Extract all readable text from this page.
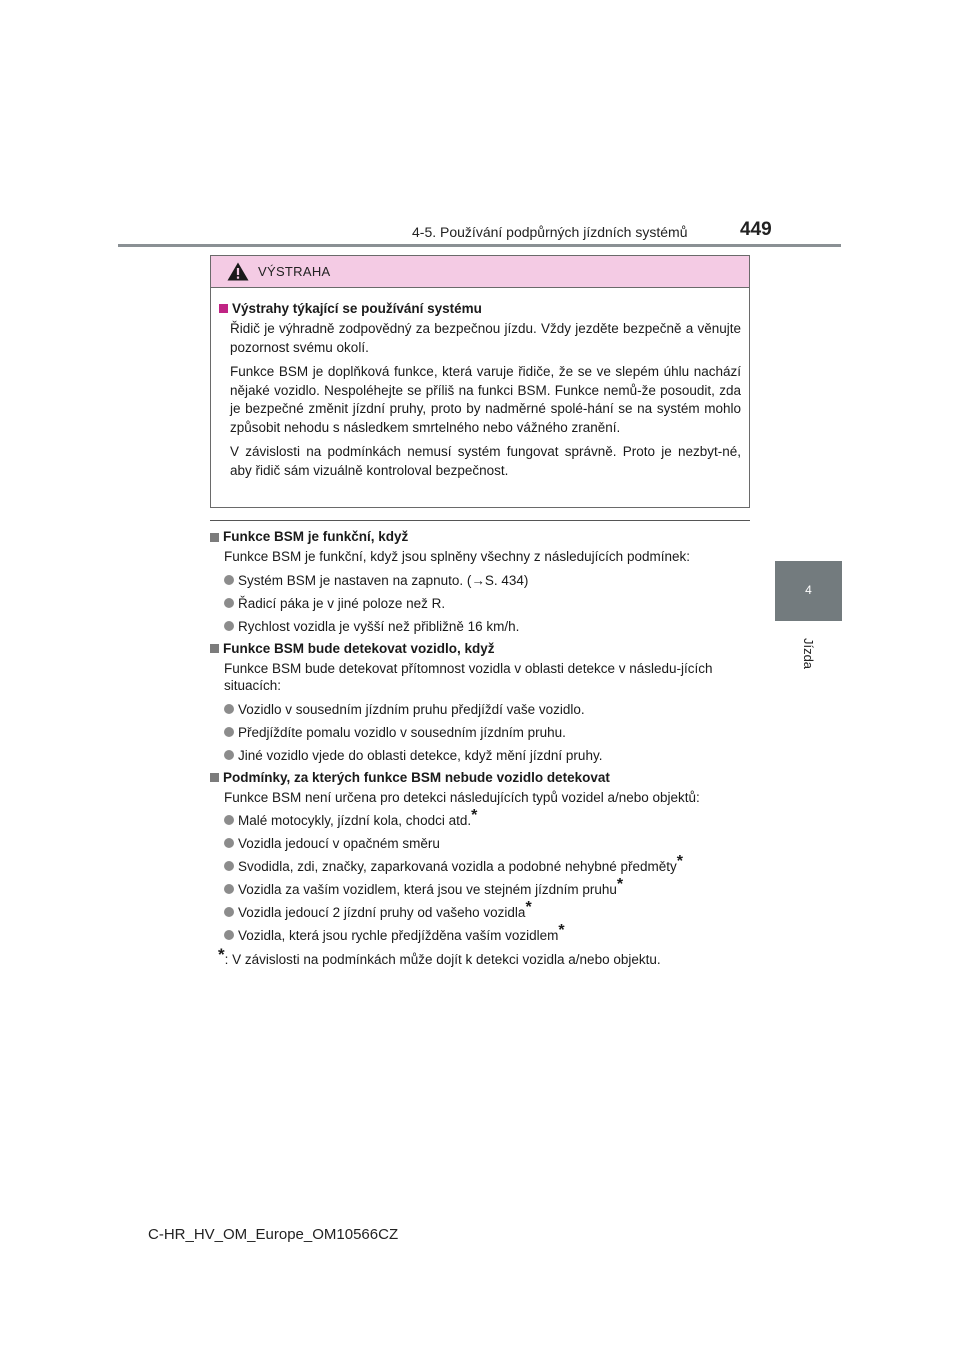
4-5. Používání podpůrných jízdních systémů	449
4
Jízda
VÝSTRAHA
Výstrahy týkající se používání systému

Řidič je výhradně zodpovědný za bezpečnou jízdu. Vždy jezděte bezpečně a věnujte pozornost svému okolí.

Funkce BSM je doplňková funkce, která varuje řidiče, že se ve slepém úhlu nachází nějaké vozidlo. Nespoléhejte se příliš na funkci BSM. Funkce nemů-že posoudit, zda je bezpečné změnit jízdní pruhy, proto by nadměrné spolé-hání se na systém mohlo způsobit nehodu s následkem smrtelného nebo vážného zranění.

V závislosti na podmínkách nemusí systém fungovat správně. Proto je nezbyt-né, aby řidič sám vizuálně kontroloval bezpečnost.

Funkce BSM je funkční, když

Funkce BSM je funkční, když jsou splněny všechny z následujících podmínek:

Systém BSM je nastaven na zapnuto. (→S. 434)
Řadicí páka je v jiné poloze než R.
Rychlost vozidla je vyšší než přibližně 16 km/h.
Funkce BSM bude detekovat vozidlo, když

Funkce BSM bude detekovat přítomnost vozidla v oblasti detekce v následu-jících situacích:

Vozidlo v sousedním jízdním pruhu předjíždí vaše vozidlo.
Předjíždíte pomalu vozidlo v sousedním jízdním pruhu.
Jiné vozidlo vjede do oblasti detekce, když mění jízdní pruhy.
Podmínky, za kterých funkce BSM nebude vozidlo detekovat

Funkce BSM není určena pro detekci následujících typů vozidel a/nebo objektů:

Malé motocykly, jízdní kola, chodci atd.*
Vozidla jedoucí v opačném směru
Svodidla, zdi, značky, zaparkovaná vozidla a podobné nehybné předměty*
Vozidla za vaším vozidlem, která jsou ve stejném jízdním pruhu*
Vozidla jedoucí 2 jízdní pruhy od vašeho vozidla*
Vozidla, která jsou rychle předjížděna vaším vozidlem*

*: V závislosti na podmínkách může dojít k detekci vozidla a/nebo objektu.

C-HR_HV_OM_Europe_OM10566CZ
